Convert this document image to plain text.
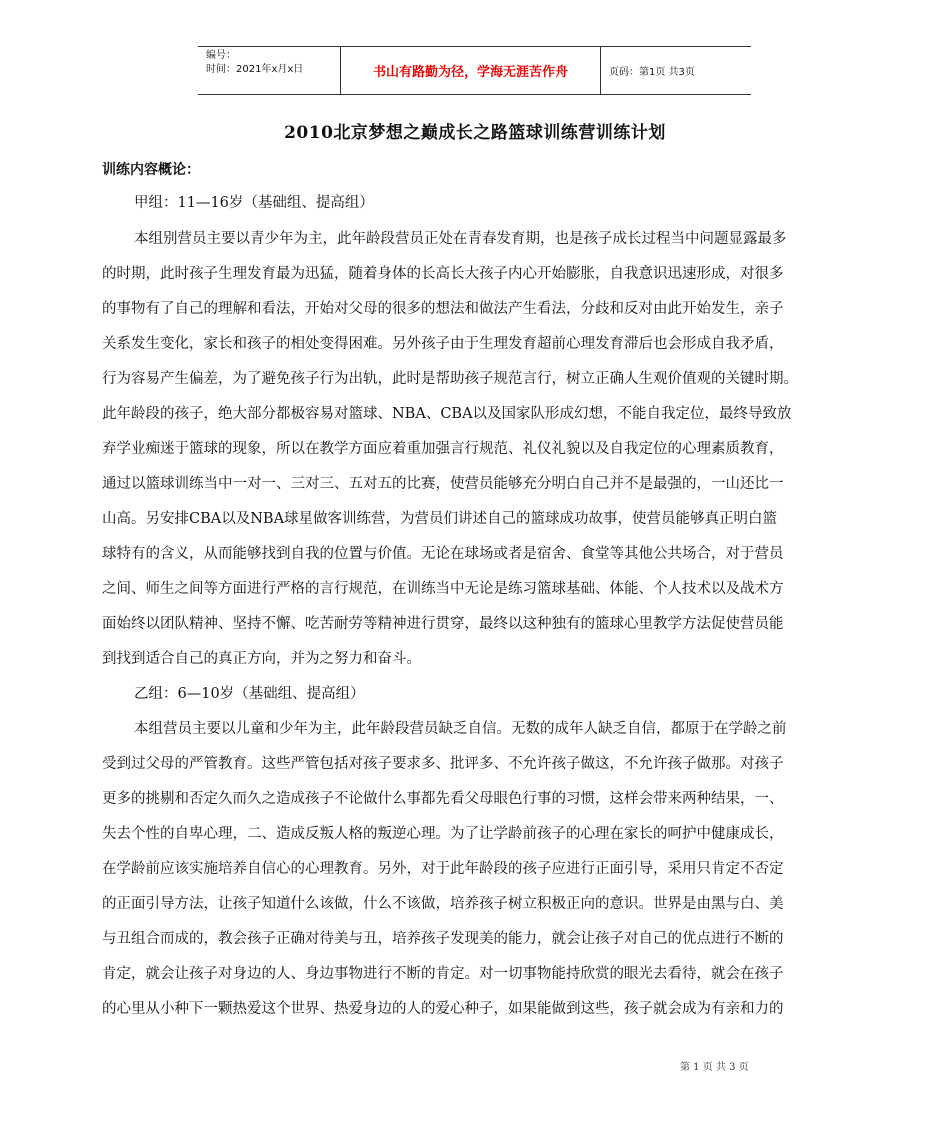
编号：
时间：2021年x月x日	书山有路勤为径，学海无涯苦作舟	页码：第1页 共3页
2010北京梦想之巅成长之路篮球训练营训练计划
训练内容概论：
甲组：11—16岁（基础组、提高组）
本组别营员主要以青少年为主，此年龄段营员正处在青春发育期，也是孩子成长过程当中问题显露最多
的时期，此时孩子生理发育最为迅猛，随着身体的长高长大孩子内心开始膨胀，自我意识迅速形成，对很多
的事物有了自己的理解和看法，开始对父母的很多的想法和做法产生看法，分歧和反对由此开始发生，亲子
关系发生变化，家长和孩子的相处变得困难。另外孩子由于生理发育超前心理发育滞后也会形成自我矛盾，
行为容易产生偏差，为了避免孩子行为出轨，此时是帮助孩子规范言行，树立正确人生观价值观的关键时期。
此年龄段的孩子，绝大部分都极容易对篮球、NBA、CBA以及国家队形成幻想，不能自我定位，最终导致放
弃学业痴迷于篮球的现象，所以在教学方面应着重加强言行规范、礼仪礼貌以及自我定位的心理素质教育，
通过以篮球训练当中一对一、三对三、五对五的比赛，使营员能够充分明白自己并不是最强的，一山还比一
山高。另安排CBA以及NBA球星做客训练营，为营员们讲述自己的篮球成功故事，使营员能够真正明白篮
球特有的含义，从而能够找到自我的位置与价值。无论在球场或者是宿舍、食堂等其他公共场合，对于营员
之间、师生之间等方面进行严格的言行规范，在训练当中无论是练习篮球基础、体能、个人技术以及战术方
面始终以团队精神、坚持不懈、吃苦耐劳等精神进行贯穿，最终以这种独有的篮球心里教学方法促使营员能
到找到适合自己的真正方向，并为之努力和奋斗。
乙组：6—10岁（基础组、提高组）
本组营员主要以儿童和少年为主，此年龄段营员缺乏自信。无数的成年人缺乏自信，都原于在学龄之前
受到过父母的严管教育。这些严管包括对孩子要求多、批评多、不允许孩子做这，不允许孩子做那。对孩子
更多的挑剔和否定久而久之造成孩子不论做什么事都先看父母眼色行事的习惯，这样会带来两种结果，一、
失去个性的自卑心理，二、造成反叛人格的叛逆心理。为了让学龄前孩子的心理在家长的呵护中健康成长，
在学龄前应该实施培养自信心的心理教育。另外，对于此年龄段的孩子应进行正面引导，采用只肯定不否定
的正面引导方法，让孩子知道什么该做，什么不该做，培养孩子树立积极正向的意识。世界是由黑与白、美
与丑组合而成的，教会孩子正确对待美与丑，培养孩子发现美的能力，就会让孩子对自己的优点进行不断的
肯定，就会让孩子对身边的人、身边事物进行不断的肯定。对一切事物能持欣赏的眼光去看待，就会在孩子
的心里从小种下一颗热爱这个世界、热爱身边的人的爱心种子，如果能做到这些，孩子就会成为有亲和力的
第 1 页 共 3 页
